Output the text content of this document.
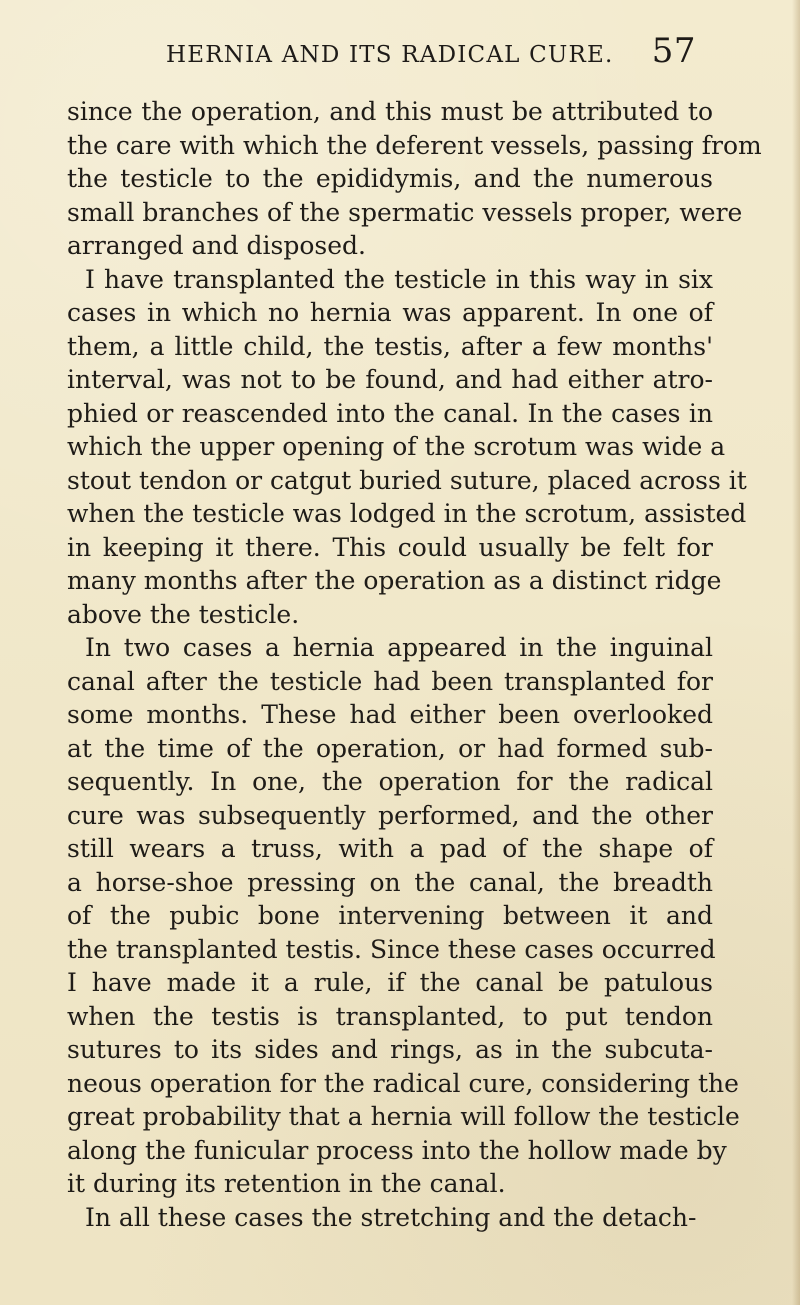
HERNIA AND ITS RADICAL CURE. 57
since the operation, and this must be attributed to
the care with which the deferent vessels, passing from
the testicle to the epididymis, and the numerous
small branches of the spermatic vessels proper, were
arranged and disposed.
I have transplanted the testicle in this way in six
cases in which no hernia was apparent. In one of
them, a little child, the testis, after a few months'
interval, was not to be found, and had either atro-
phied or reascended into the canal. In the cases in
which the upper opening of the scrotum was wide a
stout tendon or catgut buried suture, placed across it
when the testicle was lodged in the scrotum, assisted
in keeping it there. This could usually be felt for
many months after the operation as a distinct ridge
above the testicle.
In two cases a hernia appeared in the inguinal
canal after the testicle had been transplanted for
some months. These had either been overlooked
at the time of the operation, or had formed sub-
sequently. In one, the operation for the radical
cure was subsequently performed, and the other
still wears a truss, with a pad of the shape of
a horse-shoe pressing on the canal, the breadth
of the pubic bone intervening between it and
the transplanted testis. Since these cases occurred
I have made it a rule, if the canal be patulous
when the testis is transplanted, to put tendon
sutures to its sides and rings, as in the subcuta-
neous operation for the radical cure, considering the
great probability that a hernia will follow the testicle
along the funicular process into the hollow made by
it during its retention in the canal.
In all these cases the stretching and the detach-
